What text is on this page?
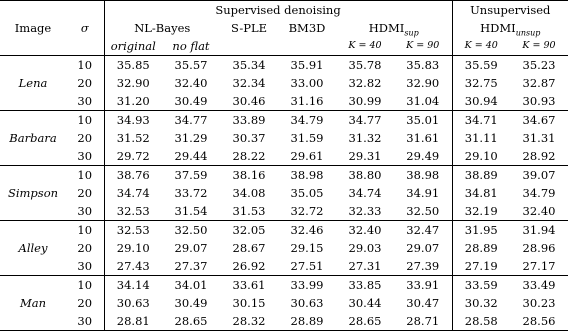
		Supervised denoising						Unsupervised	
Image	σ	NL-Bayes		S-PLE	BM3D	$HDMI_{sup}$		$HDMI_{unsup}$
		original	no flat			K = 40	K = 90	K = 40	K = 90
Lena	10	35.85	35.57	35.34	35.91	35.78	35.83	35.59	35.23
	20	32.90	32.40	32.34	33.00	32.82	32.90	32.75	32.87
	30	31.20	30.49	30.46	31.16	30.99	31.04	30.94	30.93
Barbara	10	34.93	34.77	33.89	34.79	34.77	35.01	34.71	34.67
	20	31.52	31.29	30.37	31.59	31.32	31.61	31.11	31.31
	30	29.72	29.44	28.22	29.61	29.31	29.49	29.10	28.92
Simpson	10	38.76	37.59	38.16	38.98	38.80	38.98	38.89	39.07
	20	34.74	33.72	34.08	35.05	34.74	34.91	34.81	34.79
	30	32.53	31.54	31.53	32.72	32.33	32.50	32.19	32.40
Alley	10	32.53	32.50	32.05	32.46	32.40	32.47	31.95	31.94
	20	29.10	29.07	28.67	29.15	29.03	29.07	28.89	28.96
	30	27.43	27.37	26.92	27.51	27.31	27.39	27.19	27.17
Man	10	34.14	34.01	33.61	33.99	33.85	33.91	33.59	33.49
	20	30.63	30.49	30.15	30.63	30.44	30.47	30.32	30.23
	30	28.81	28.65	28.32	28.89	28.65	28.71	28.58	28.56
